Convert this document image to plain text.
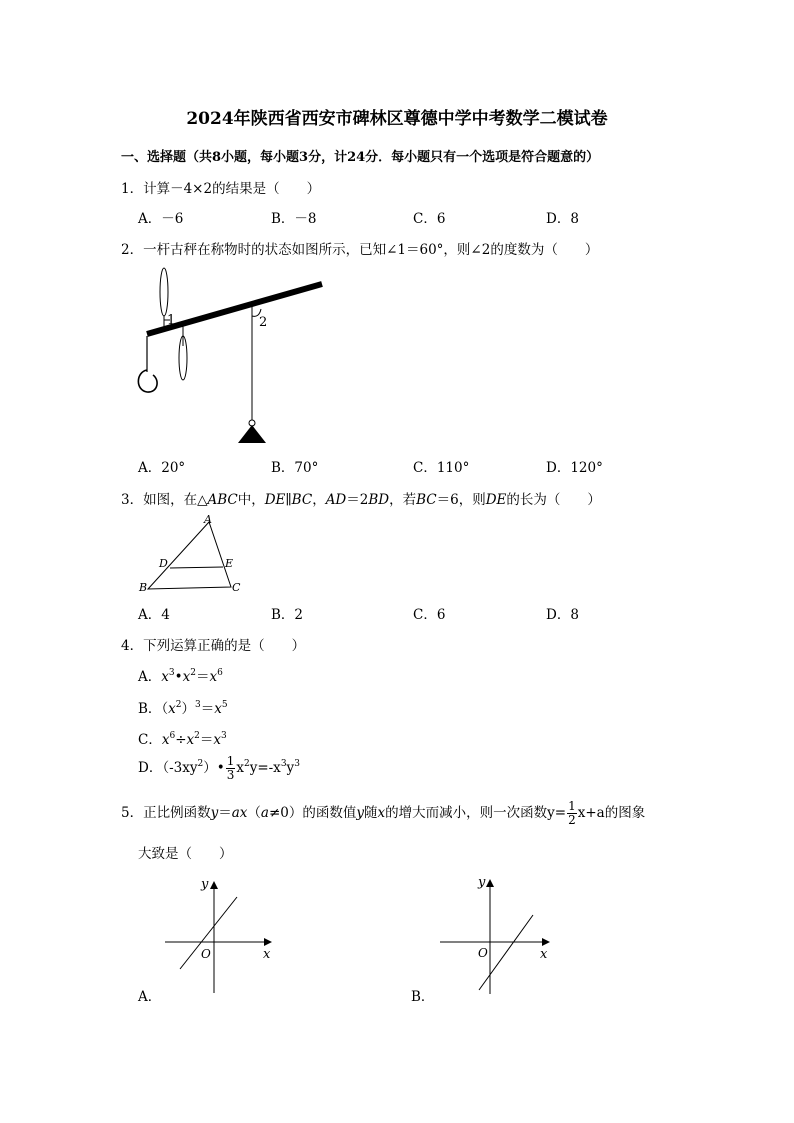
2024年陕西省西安市碑林区尊德中学中考数学二模试卷
一、选择题（共8小题，每小题3分，计24分．每小题只有一个选项是符合题意的）
1．计算－4×2的结果是（　　）
A．－6	B．－8	C．6	D．8
2．一杆古秤在称物时的状态如图所示，已知∠1＝60°，则∠2的度数为（　　）
1	2
A．20°	B．70°	C．110°	D．120°
3．如图，在△ABC中，DE∥BC，AD＝2BD，若BC＝6，则DE的长为（　　）
A
D	E
B	C
A．4	B．2	C．6	D．8
4．下列运算正确的是（　　）
A．$x^3•x^2=x^6$
B．$(x^2)^3=x^5$
C．$x^6\div x^2=x^3$
D．$(-3xy^2)• \frac{1}{3} x^2y=-x^3y^3$
5．正比例函数y＝ax（a≠0）的函数值y随x的增大而减小，则一次函数$y= \frac{1}{2} x+a$的图象
大致是（　　）
y
x
O
A．
y
x
O
B．
